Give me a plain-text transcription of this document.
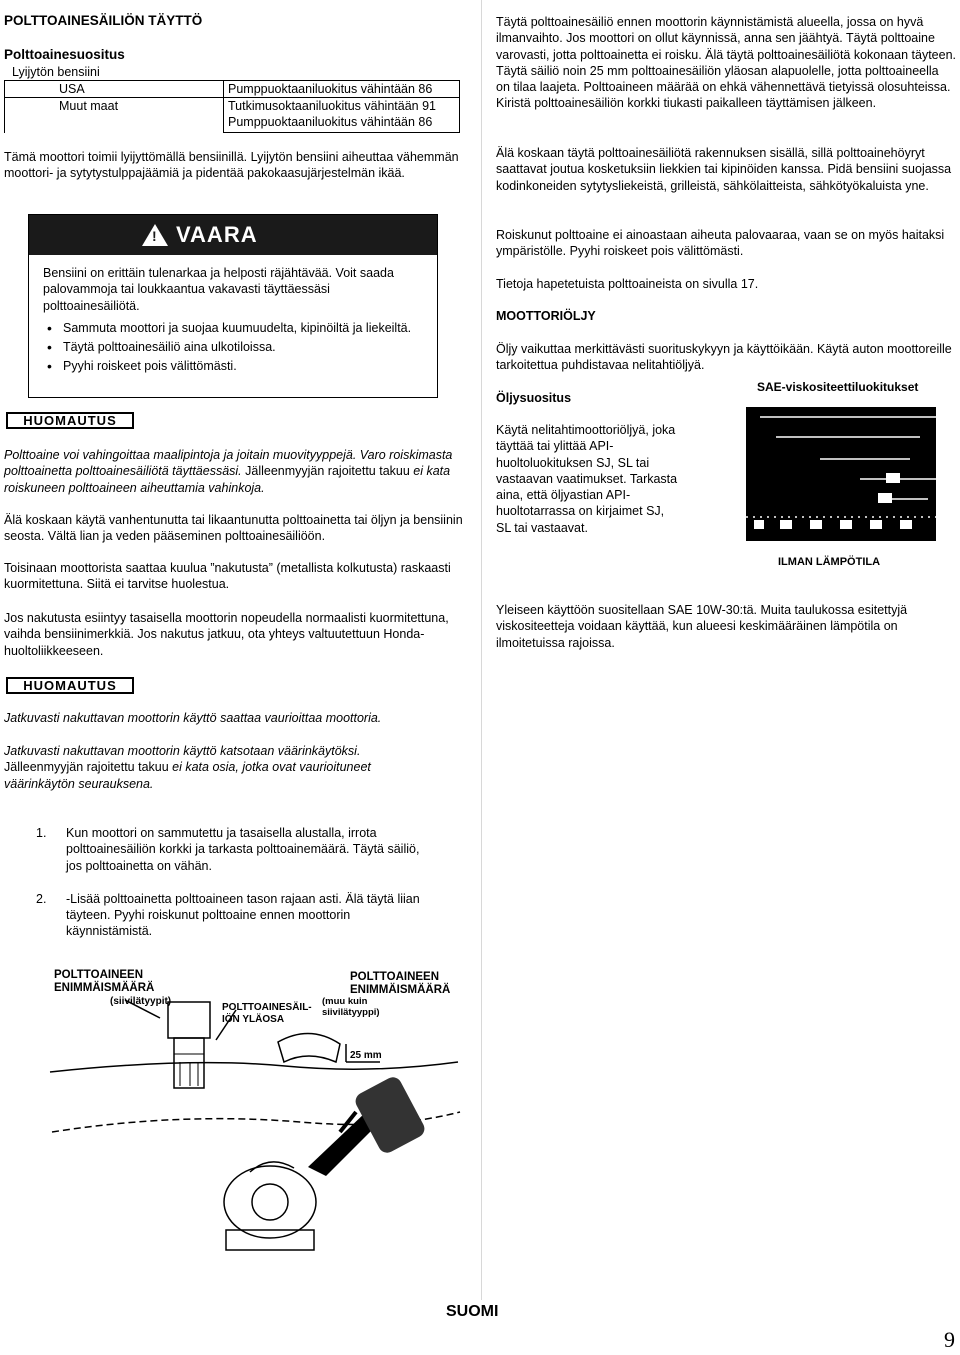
POLTTOAINESÄILIÖN TÄYTTÖ
Polttoainesuositus
Lyijytön bensiini
USA	Pumppuoktaaniluokitus vähintään 86
Muut maat	Tutkimusoktaaniluokitus vähintään 91
Pumppuoktaaniluokitus vähintään 86

Tämä moottori toimii lyijyttömällä bensiinillä. Lyijytön bensiini aiheuttaa vähemmän moottori- ja sytytystulppajäämiä ja pidentää pakokaasujärjestelmän ikää.

! VAARA

Bensiini on erittäin tulenarkaa ja helposti räjähtävää. Voit saada palovammoja tai loukkaantua vakavasti täyttäessäsi polttoainesäiliötä.

• Sammuta moottori ja suojaa kuumuudelta, kipinöiltä ja liekeiltä.
• Täytä polttoainesäiliö aina ulkotiloissa.
• Pyyhi roiskeet pois välittömästi.
HUOMAUTUS

Polttoaine voi vahingoittaa maalipintoja ja joitain muovityyppejä. Varo roiskimasta polttoainetta polttoainesäiliötä täyttäessäsi. Jälleenmyyjän rajoitettu takuu ei kata roiskuneen polttoaineen aiheuttamia vahinkoja.

Älä koskaan käytä vanhentunutta tai likaantunutta polttoainetta tai öljyn ja bensiinin seosta. Vältä lian ja veden pääseminen polttoainesäiliöön.

Toisinaan moottorista saattaa kuulua ”nakutusta” (metallista kolkutusta) raskaasti kuormitettuna. Siitä ei tarvitse huolestua.

Jos nakutusta esiintyy tasaisella moottorin nopeudella normaalisti kuormitettuna, vaihda bensiinimerkkiä. Jos nakutus jatkuu, ota yhteys valtuutettuun Honda-huoltoliikkeeseen.

HUOMAUTUS

Jatkuvasti nakuttavan moottorin käyttö saattaa vaurioittaa moottoria.

Jatkuvasti nakuttavan moottorin käyttö katsotaan väärinkäytöksi.
Jälleenmyyjän rajoitettu takuu ei kata osia, jotka ovat vaurioituneet väärinkäytön seurauksena.

1.	Kun moottori on sammutettu ja tasaisella alustalla, irrota polttoainesäiliön korkki ja tarkasta polttoainemäärä. Täytä säiliö, jos polttoainetta on vähän.

2.	-Lisää polttoainetta polttoaineen tason rajaan asti. Älä täytä liian täyteen. Pyyhi roiskunut polttoaine ennen moottorin käynnistämistä.

POLTTOAINEEN
ENIMMÄISMÄÄRÄ
(siivilätyypit)
POLTTOAINESÄIL-
IÖN YLÄOSA
POLTTOAINEEN
ENIMMÄISMÄÄRÄ
(muu kuin
siivilätyyppi)
25 mm

Täytä polttoainesäiliö ennen moottorin käynnistämistä alueella, jossa on hyvä ilmanvaihto. Jos moottori on ollut käynnissä, anna sen jäähtyä. Täytä polttoaine varovasti, jotta polttoainetta ei roisku. Älä täytä polttoainesäiliötä kokonaan täyteen. Täytä säiliö noin 25 mm polttoainesäiliön yläosan alapuolelle, jotta polttoaineella on tilaa laajeta. Polttoaineen määrää on ehkä vähennettävä tietyissä olosuhteissa. Kiristä polttoainesäiliön korkki tiukasti paikalleen täyttämisen jälkeen.

Älä koskaan täytä polttoainesäiliötä rakennuksen sisällä, sillä polttoainehöyryt saattavat joutua kosketuksiin liekkien tai kipinöiden kanssa. Pidä bensiini suojassa kodinkoneiden sytytysliekeistä, grilleistä, sähkölaitteista, sähkötyökaluista yne.

Roiskunut polttoaine ei ainoastaan aiheuta palovaaraa, vaan se on myös haitaksi ympäristölle. Pyyhi roiskeet pois välittömästi.

Tietoja hapetetuista polttoaineista on sivulla 17.

MOOTTORIÖLJY

Öljy vaikuttaa merkittävästi suorituskykyyn ja käyttöikään. Käytä auton moottoreille tarkoitettua puhdistavaa nelitahtiöljyä.

Öljysuositus

Käytä nelitahtimoottoriöljyä, joka täyttää tai ylittää API-huoltoluokituksen SJ, SL tai vastaavan vaatimukset. Tarkasta aina, että öljyastian API-huoltotarrassa on kirjaimet SJ, SL tai vastaavat.

SAE-viskositeettiluokitukset
ILMAN LÄMPÖTILA

Yleiseen käyttöön suositellaan SAE 10W-30:tä. Muita taulukossa esitettyjä viskositeetteja voidaan käyttää, kun alueesi keskimääräinen lämpötila on ilmoitetuissa rajoissa.

SUOMI
9
